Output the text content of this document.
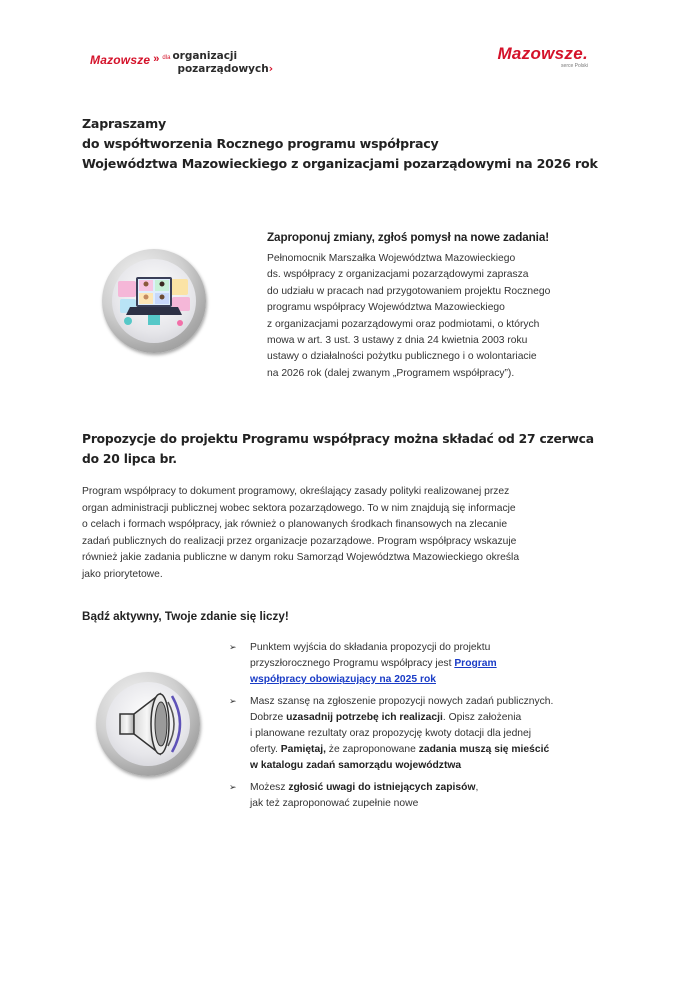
Mazowsze » dla organizacji
pozarządowych›
Mazowsze.
serce Polski
Zapraszamy
do współtworzenia Rocznego programu współpracy
Województwa Mazowieckiego z organizacjami pozarządowymi na 2026 rok
Zaproponuj zmiany, zgłoś pomysł na nowe zadania!
Pełnomocnik Marszałka Województwa Mazowieckiego
ds. współpracy z organizacjami pozarządowymi zaprasza
do udziału w pracach nad przygotowaniem projektu Rocznego
programu współpracy Województwa Mazowieckiego
z organizacjami pozarządowymi oraz podmiotami, o których
mowa w art. 3 ust. 3 ustawy z dnia 24 kwietnia 2003 roku
ustawy o działalności pożytku publicznego i o wolontariacie
na 2026 rok (dalej zwanym „Programem współpracy”).
Propozycje do projektu Programu współpracy można składać od 27 czerwca
do 20 lipca br.
Program współpracy to dokument programowy, określający zasady polityki realizowanej przez
organ administracji publicznej wobec sektora pozarządowego. To w nim znajdują się informacje
o celach i formach współpracy, jak również o planowanych środkach finansowych na zlecanie
zadań publicznych do realizacji przez organizacje pozarządowe. Program współpracy wskazuje
również jakie zadania publiczne w danym roku Samorząd Województwa Mazowieckiego określa
jako priorytetowe.
Bądź aktywny, Twoje zdanie się liczy!
➢ Punktem wyjścia do składania propozycji do projektu
przyszłorocznego Programu współpracy jest Program
współpracy obowiązujący na 2025 rok
➢ Masz szansę na zgłoszenie propozycji nowych zadań publicznych.
Dobrze uzasadnij potrzebę ich realizacji. Opisz założenia
i planowane rezultaty oraz propozycję kwoty dotacji dla jednej
oferty. Pamiętaj, że zaproponowane zadania muszą się mieścić
w katalogu zadań samorządu województwa
➢ Możesz zgłosić uwagi do istniejących zapisów,
jak też zaproponować zupełnie nowe
